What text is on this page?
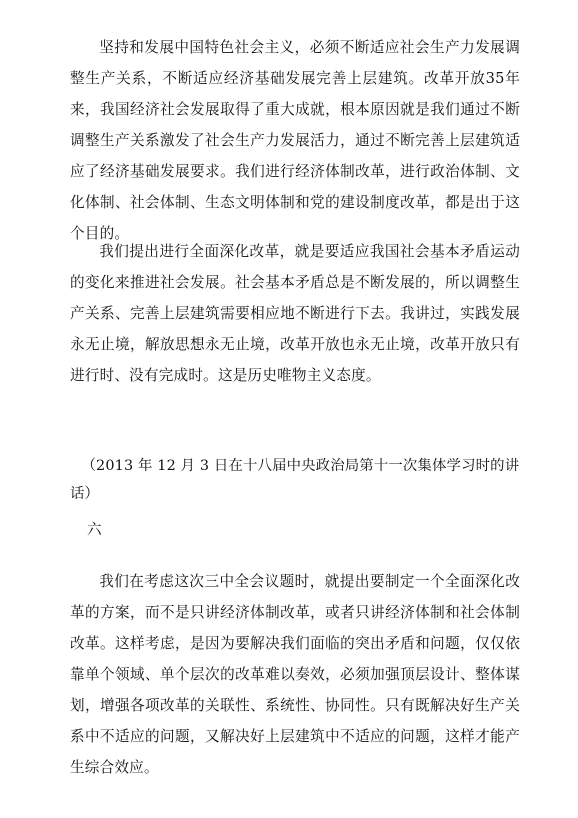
坚持和发展中国特色社会主义，必须不断适应社会生产力发展调整生产关系，不断适应经济基础发展完善上层建筑。改革开放35年来，我国经济社会发展取得了重大成就，根本原因就是我们通过不断调整生产关系激发了社会生产力发展活力，通过不断完善上层建筑适应了经济基础发展要求。我们进行经济体制改革，进行政治体制、文化体制、社会体制、生态文明体制和党的建设制度改革，都是出于这个目的。

我们提出进行全面深化改革，就是要适应我国社会基本矛盾运动的变化来推进社会发展。社会基本矛盾总是不断发展的，所以调整生产关系、完善上层建筑需要相应地不断进行下去。我讲过，实践发展永无止境，解放思想永无止境，改革开放也永无止境，改革开放只有进行时、没有完成时。这是历史唯物主义态度。

（2013 年 12 月 3 日在十八届中央政治局第十一次集体学习时的讲话）

六

我们在考虑这次三中全会议题时，就提出要制定一个全面深化改革的方案，而不是只讲经济体制改革，或者只讲经济体制和社会体制改革。这样考虑，是因为要解决我们面临的突出矛盾和问题，仅仅依靠单个领域、单个层次的改革难以奏效，必须加强顶层设计、整体谋划，增强各项改革的关联性、系统性、协同性。只有既解决好生产关系中不适应的问题，又解决好上层建筑中不适应的问题，这样才能产生综合效应。
